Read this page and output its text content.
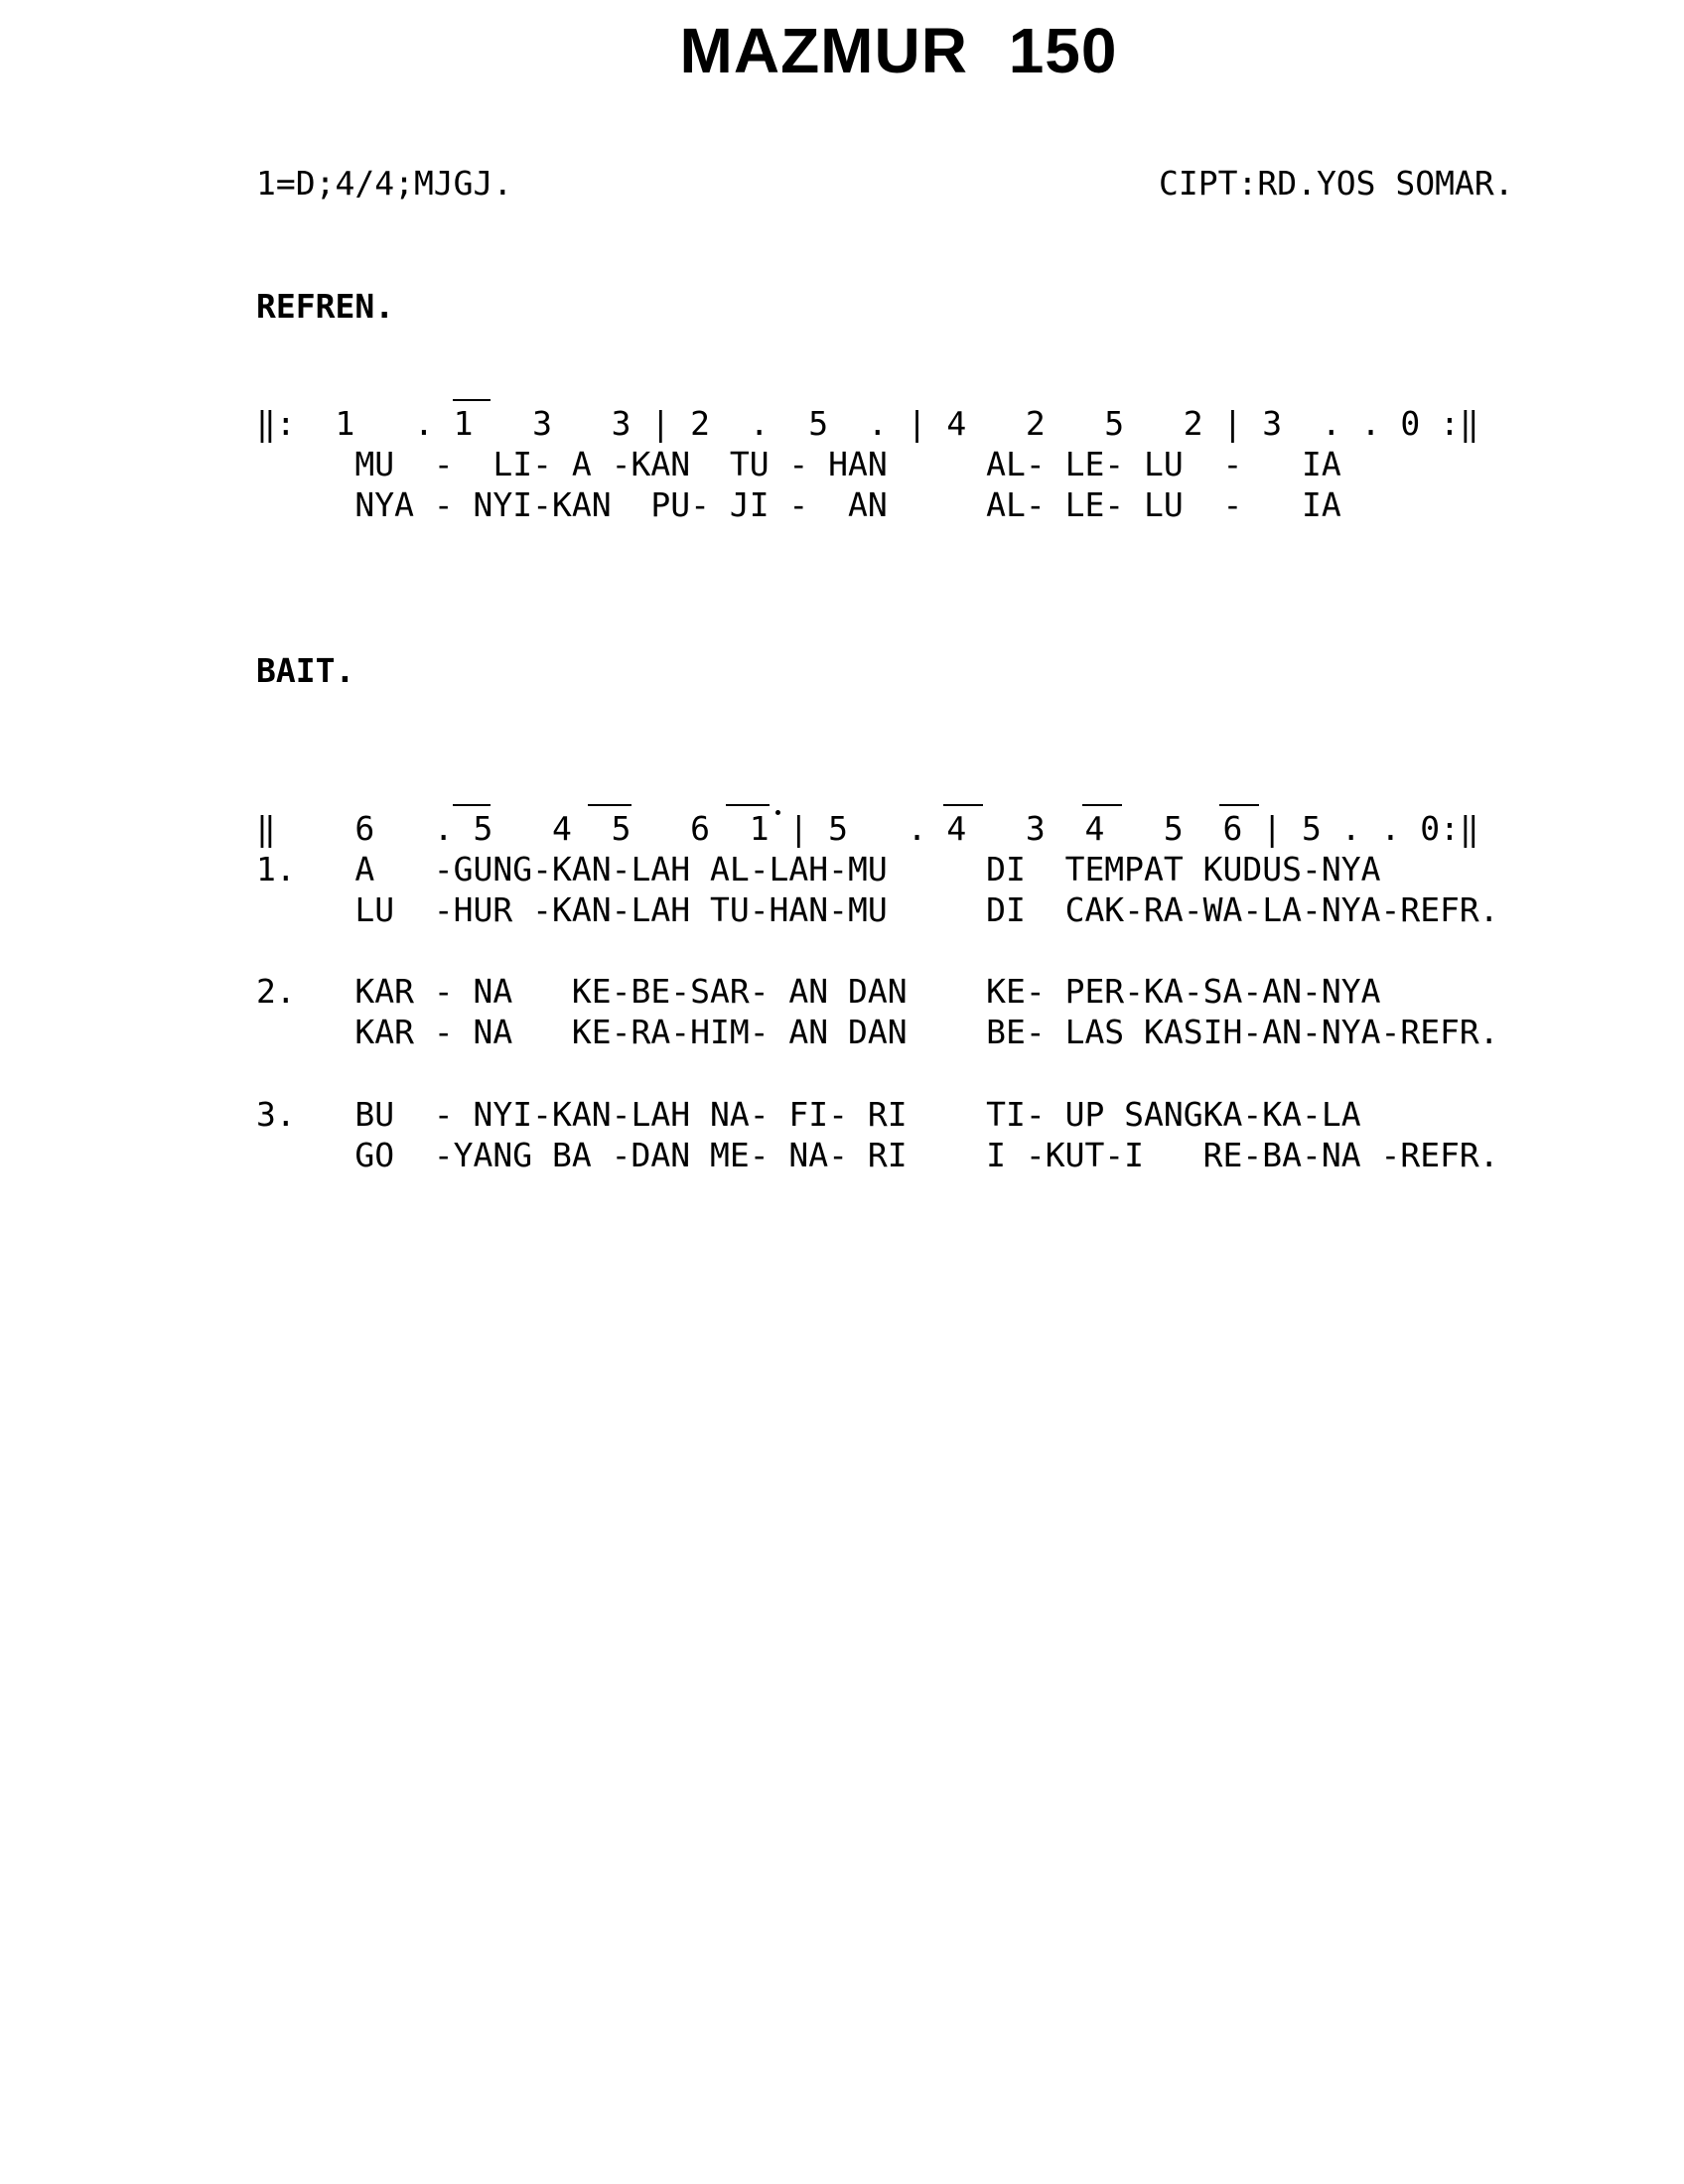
MAZMUR 150
1=D;4/4;MJGJ.	CIPT:RD.YOS SOMAR.
REFREN.
‖:  1   . 1   3   3 | 2  .  5  . | 4   2   5   2 | 3  . . 0 :‖
MU  -  LI- A -KAN  TU - HAN     AL- LE- LU  -   IA
NYA - NYI-KAN  PU- JI -  AN     AL- LE- LU  -   IA
BAIT.
‖    6   . 5   4  5   6  1 | 5   . 4   3  4   5  6 | 5 . . 0:‖
1.   A   -GUNG-KAN-LAH AL-LAH-MU     DI  TEMPAT KUDUS-NYA
LU  -HUR -KAN-LAH TU-HAN-MU     DI  CAK-RA-WA-LA-NYA-REFR.
2.   KAR - NA   KE-BE-SAR- AN DAN    KE- PER-KA-SA-AN-NYA
KAR - NA   KE-RA-HIM- AN DAN    BE- LAS KASIH-AN-NYA-REFR.
3.   BU  - NYI-KAN-LAH NA- FI- RI    TI- UP SANGKA-KA-LA
GO  -YANG BA -DAN ME- NA- RI    I -KUT-I   RE-BA-NA -REFR.
